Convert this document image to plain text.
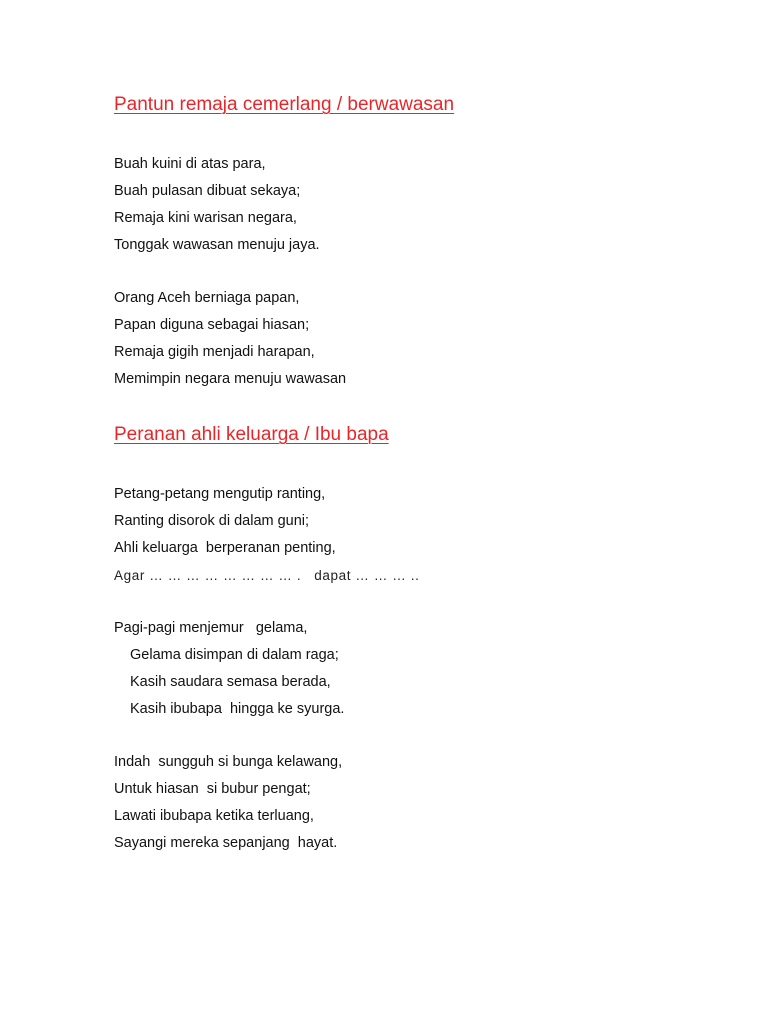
Pantun remaja cemerlang / berwawasan
Buah kuini di atas para,
Buah pulasan dibuat sekaya;
Remaja kini warisan negara,
Tonggak wawasan menuju jaya.
Orang Aceh berniaga papan,
Papan diguna sebagai hiasan;
Remaja gigih menjadi harapan,
Memimpin negara menuju wawasan
Peranan ahli keluarga / Ibu bapa
Petang-petang mengutip ranting,
Ranting disorok di dalam guni;
Ahli keluarga  berperanan penting,
Agar … … … … … … … … .   dapat … … … ..
Pagi-pagi menjemur   gelama,
Gelama disimpan di dalam raga;
Kasih saudara semasa berada,
Kasih ibubapa  hingga ke syurga.
Indah  sungguh si bunga kelawang,
Untuk hiasan  si bubur pengat;
Lawati ibubapa ketika terluang,
Sayangi mereka sepanjang  hayat.
